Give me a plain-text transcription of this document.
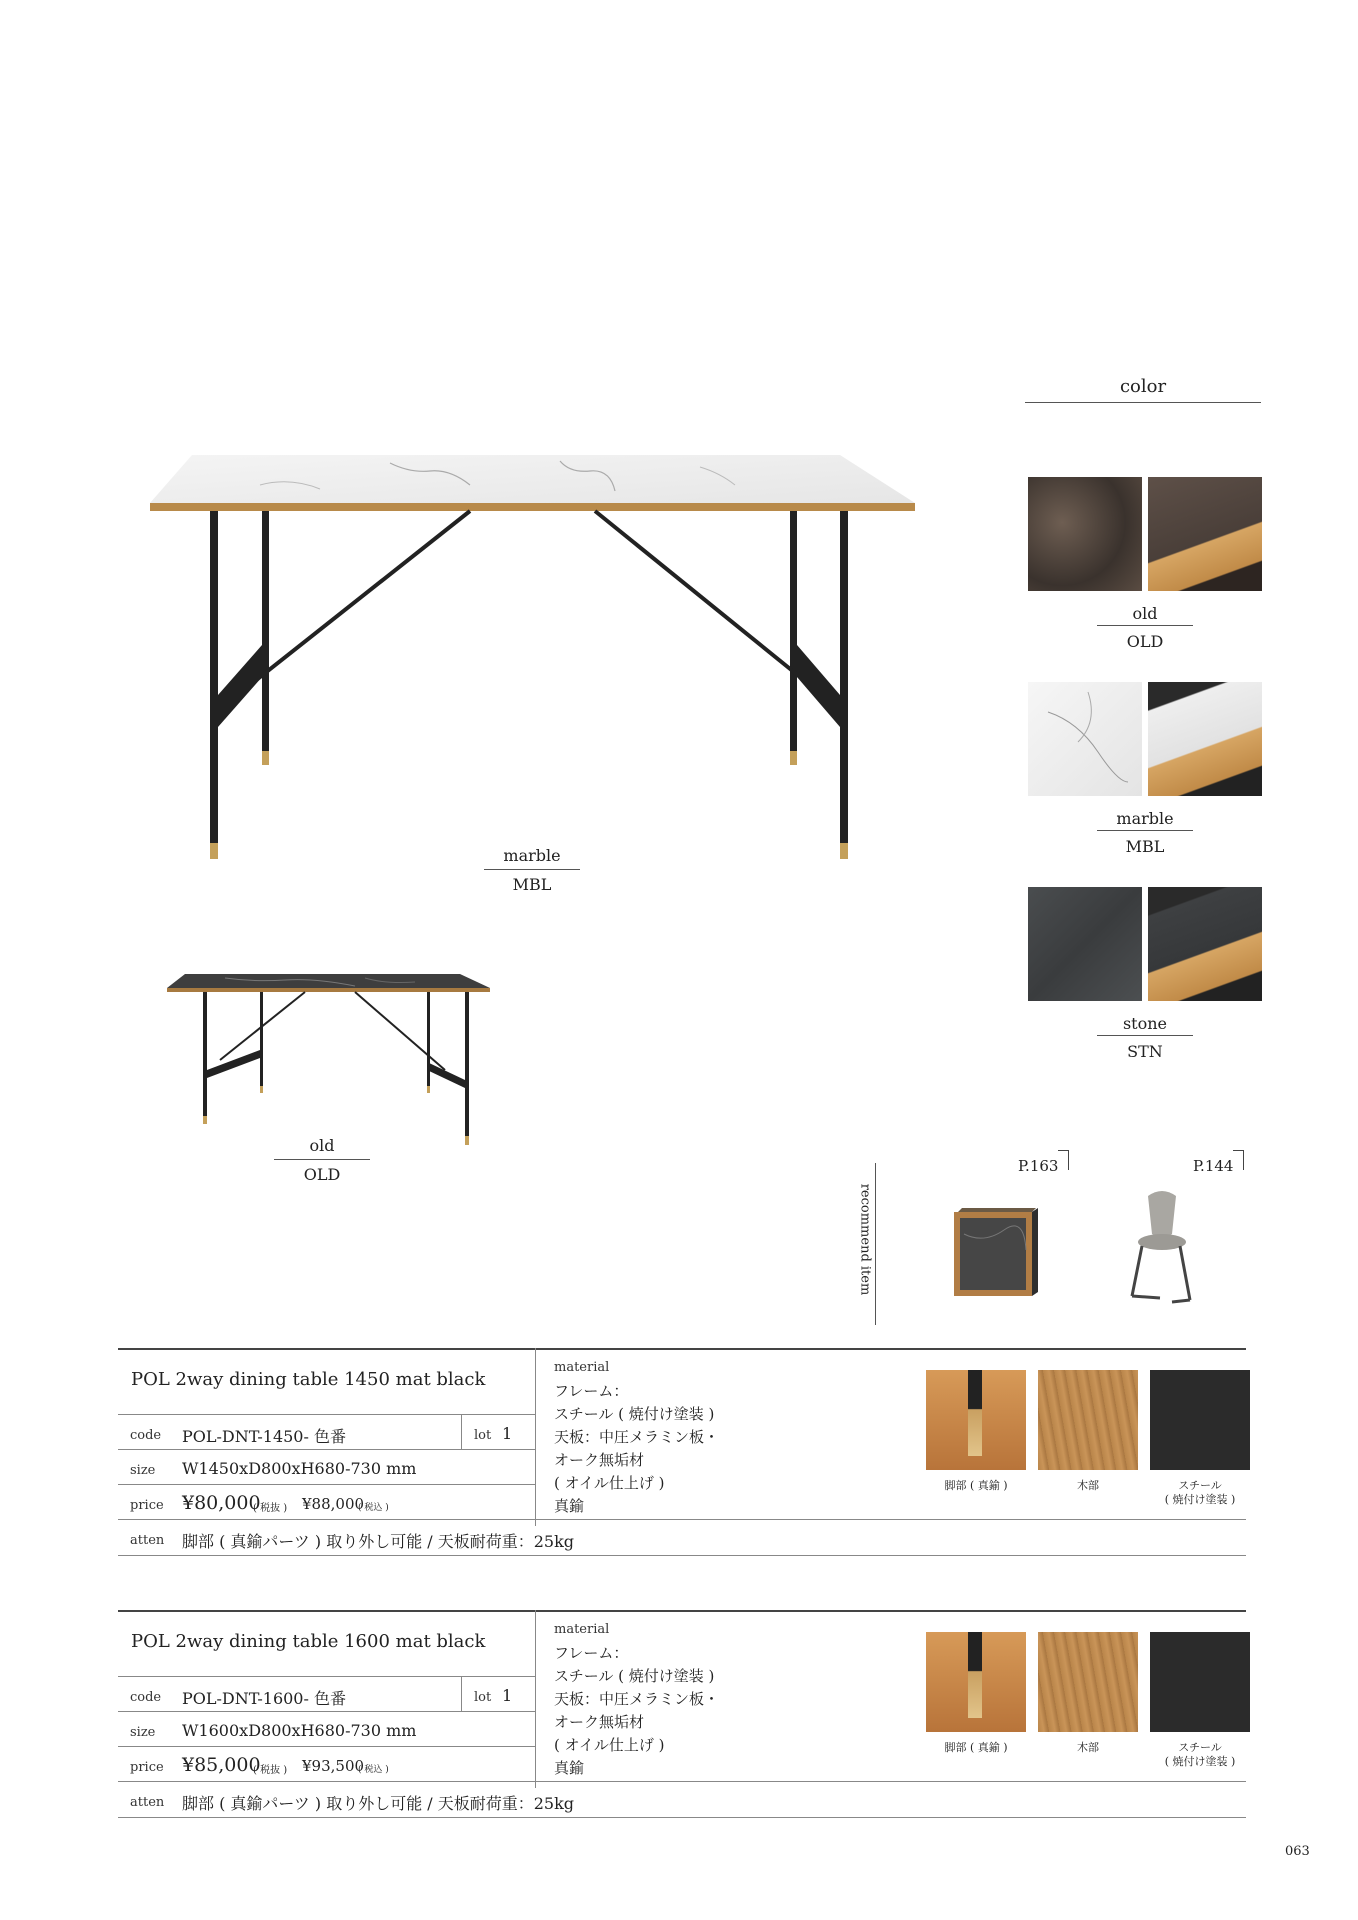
marble
MBL
old
OLD
color
old
OLD
marble
MBL
stone
STN
recommend item
P.163	P.144
POL 2way dining table 1450 mat black
code POL-DNT-1450- 色番	lot 1
size W1450xD800xH680-730 mm
price ¥80,000
( 税抜 ) ¥88,000
( 税込 )
atten 脚部 ( 真鍮パーツ ) 取り外し可能 / 天板耐荷重：25kg
material
フレーム：
スチール ( 焼付け塗装 )
天板：中圧メラミン板・
オーク無垢材
( オイル仕上げ )
真鍮
脚部 ( 真鍮 )	木部	スチール
( 焼付け塗装 )
POL 2way dining table 1600 mat black
code POL-DNT-1600- 色番	lot 1
size W1600xD800xH680-730 mm
price ¥85,000
( 税抜 ) ¥93,500
( 税込 )
atten 脚部 ( 真鍮パーツ ) 取り外し可能 / 天板耐荷重：25kg
material
フレーム：
スチール ( 焼付け塗装 )
天板：中圧メラミン板・
オーク無垢材
( オイル仕上げ )
真鍮
脚部 ( 真鍮 )	木部	スチール
( 焼付け塗装 )
063
